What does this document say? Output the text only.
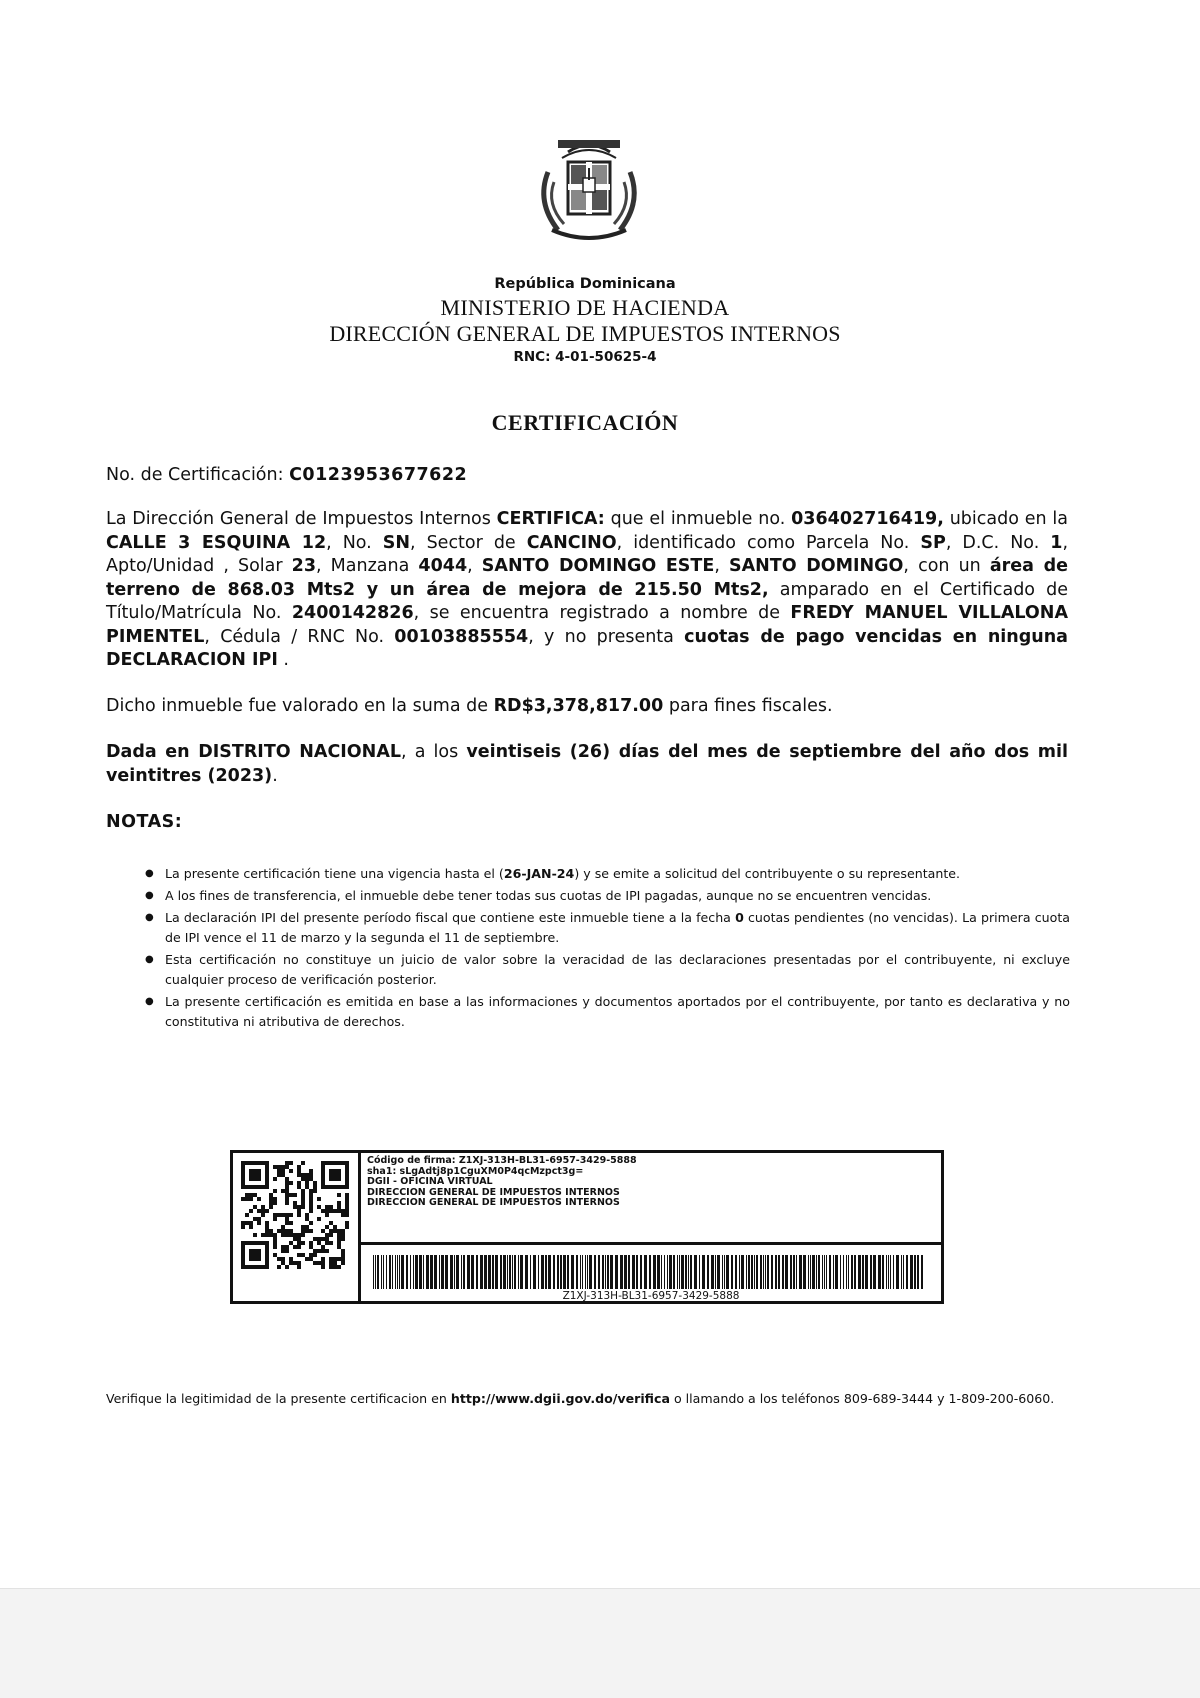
República Dominicana
MINISTERIO DE HACIENDA
DIRECCIÓN GENERAL DE IMPUESTOS INTERNOS
RNC: 4-01-50625-4
CERTIFICACIÓN
No. de Certificación: C0123953677622
La Dirección General de Impuestos Internos CERTIFICA: que el inmueble no. 036402716419, ubicado en la CALLE 3 ESQUINA 12, No. SN, Sector de CANCINO, identificado como Parcela No. SP, D.C. No. 1, Apto/Unidad , Solar 23, Manzana 4044, SANTO DOMINGO ESTE, SANTO DOMINGO, con un área de terreno de 868.03 Mts2 y un área de mejora de 215.50 Mts2, amparado en el Certificado de Título/Matrícula No. 2400142826, se encuentra registrado a nombre de FREDY MANUEL VILLALONA PIMENTEL, Cédula / RNC No. 00103885554, y no presenta cuotas de pago vencidas en ninguna DECLARACION IPI .
Dicho inmueble fue valorado en la suma de RD$3,378,817.00 para fines fiscales.
Dada en DISTRITO NACIONAL, a los veintiseis (26) días del mes de septiembre del año dos mil veintitres (2023).
NOTAS:
● La presente certificación tiene una vigencia hasta el (26-JAN-24) y se emite a solicitud del contribuyente o su representante.
● A los fines de transferencia, el inmueble debe tener todas sus cuotas de IPI pagadas, aunque no se encuentren vencidas.
● La declaración IPI del presente período fiscal que contiene este inmueble tiene a la fecha 0 cuotas pendientes (no vencidas). La primera cuota de IPI vence el 11 de marzo y la segunda el 11 de septiembre.
● Esta certificación no constituye un juicio de valor sobre la veracidad de las declaraciones presentadas por el contribuyente, ni excluye cualquier proceso de verificación posterior.
● La presente certificación es emitida en base a las informaciones y documentos aportados por el contribuyente, por tanto es declarativa y no constitutiva ni atributiva de derechos.
Código de firma: Z1XJ-313H-BL31-6957-3429-5888
sha1: sLgAdtj8p1CguXM0P4qcMzpct3g=
DGII - OFICINA VIRTUAL
DIRECCION GENERAL DE IMPUESTOS INTERNOS
DIRECCION GENERAL DE IMPUESTOS INTERNOS
Z1XJ-313H-BL31-6957-3429-5888
Verifique la legitimidad de la presente certificacion en http://www.dgii.gov.do/verifica o llamando a los teléfonos 809-689-3444 y 1-809-200-6060.
